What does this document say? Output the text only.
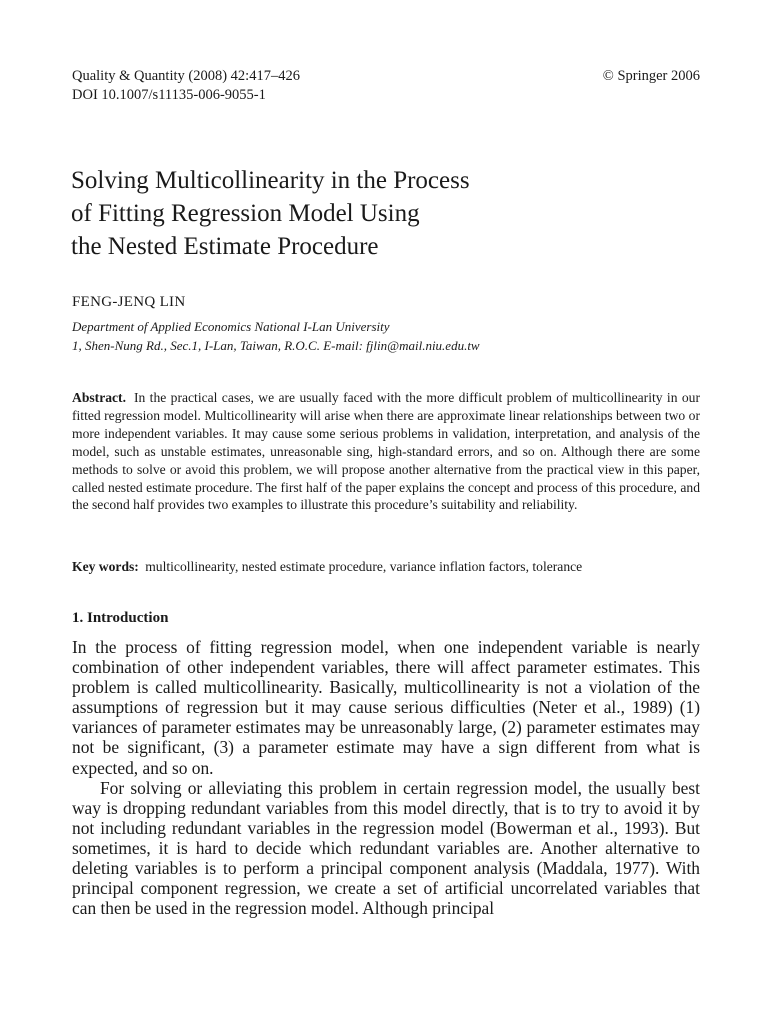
Quality & Quantity (2008) 42:417–426	© Springer 2006
DOI 10.1007/s11135-006-9055-1
Solving Multicollinearity in the Process
of Fitting Regression Model Using
the Nested Estimate Procedure
FENG-JENQ LIN
Department of Applied Economics National I-Lan University
1, Shen-Nung Rd., Sec.1, I-Lan, Taiwan, R.O.C. E-mail: fjlin@mail.niu.edu.tw

Abstract. In the practical cases, we are usually faced with the more difficult problem of multicollinearity in our fitted regression model. Multicollinearity will arise when there are approximate linear relationships between two or more independent variables. It may cause some serious problems in validation, interpretation, and analysis of the model, such as unstable estimates, unreasonable sing, high-standard errors, and so on. Although there are some methods to solve or avoid this problem, we will propose another alternative from the practical view in this paper, called nested estimate procedure. The first half of the paper explains the concept and process of this procedure, and the second half provides two examples to illustrate this procedure’s suitability and reliability.

Key words: multicollinearity, nested estimate procedure, variance inflation factors, tolerance
1. Introduction

In the process of fitting regression model, when one independent variable is nearly combination of other independent variables, there will affect parameter estimates. This problem is called multicollinearity. Basically, multicollinearity is not a violation of the assumptions of regression but it may cause serious difficulties (Neter et al., 1989) (1) variances of parameter estimates may be unreasonably large, (2) parameter estimates may not be significant, (3) a parameter estimate may have a sign different from what is expected, and so on.

For solving or alleviating this problem in certain regression model, the usually best way is dropping redundant variables from this model directly, that is to try to avoid it by not including redundant variables in the regression model (Bowerman et al., 1993). But sometimes, it is hard to decide which redundant variables are. Another alternative to deleting variables is to perform a principal component analysis (Maddala, 1977). With principal component regression, we create a set of artificial uncorrelated variables that can then be used in the regression model. Although principal
